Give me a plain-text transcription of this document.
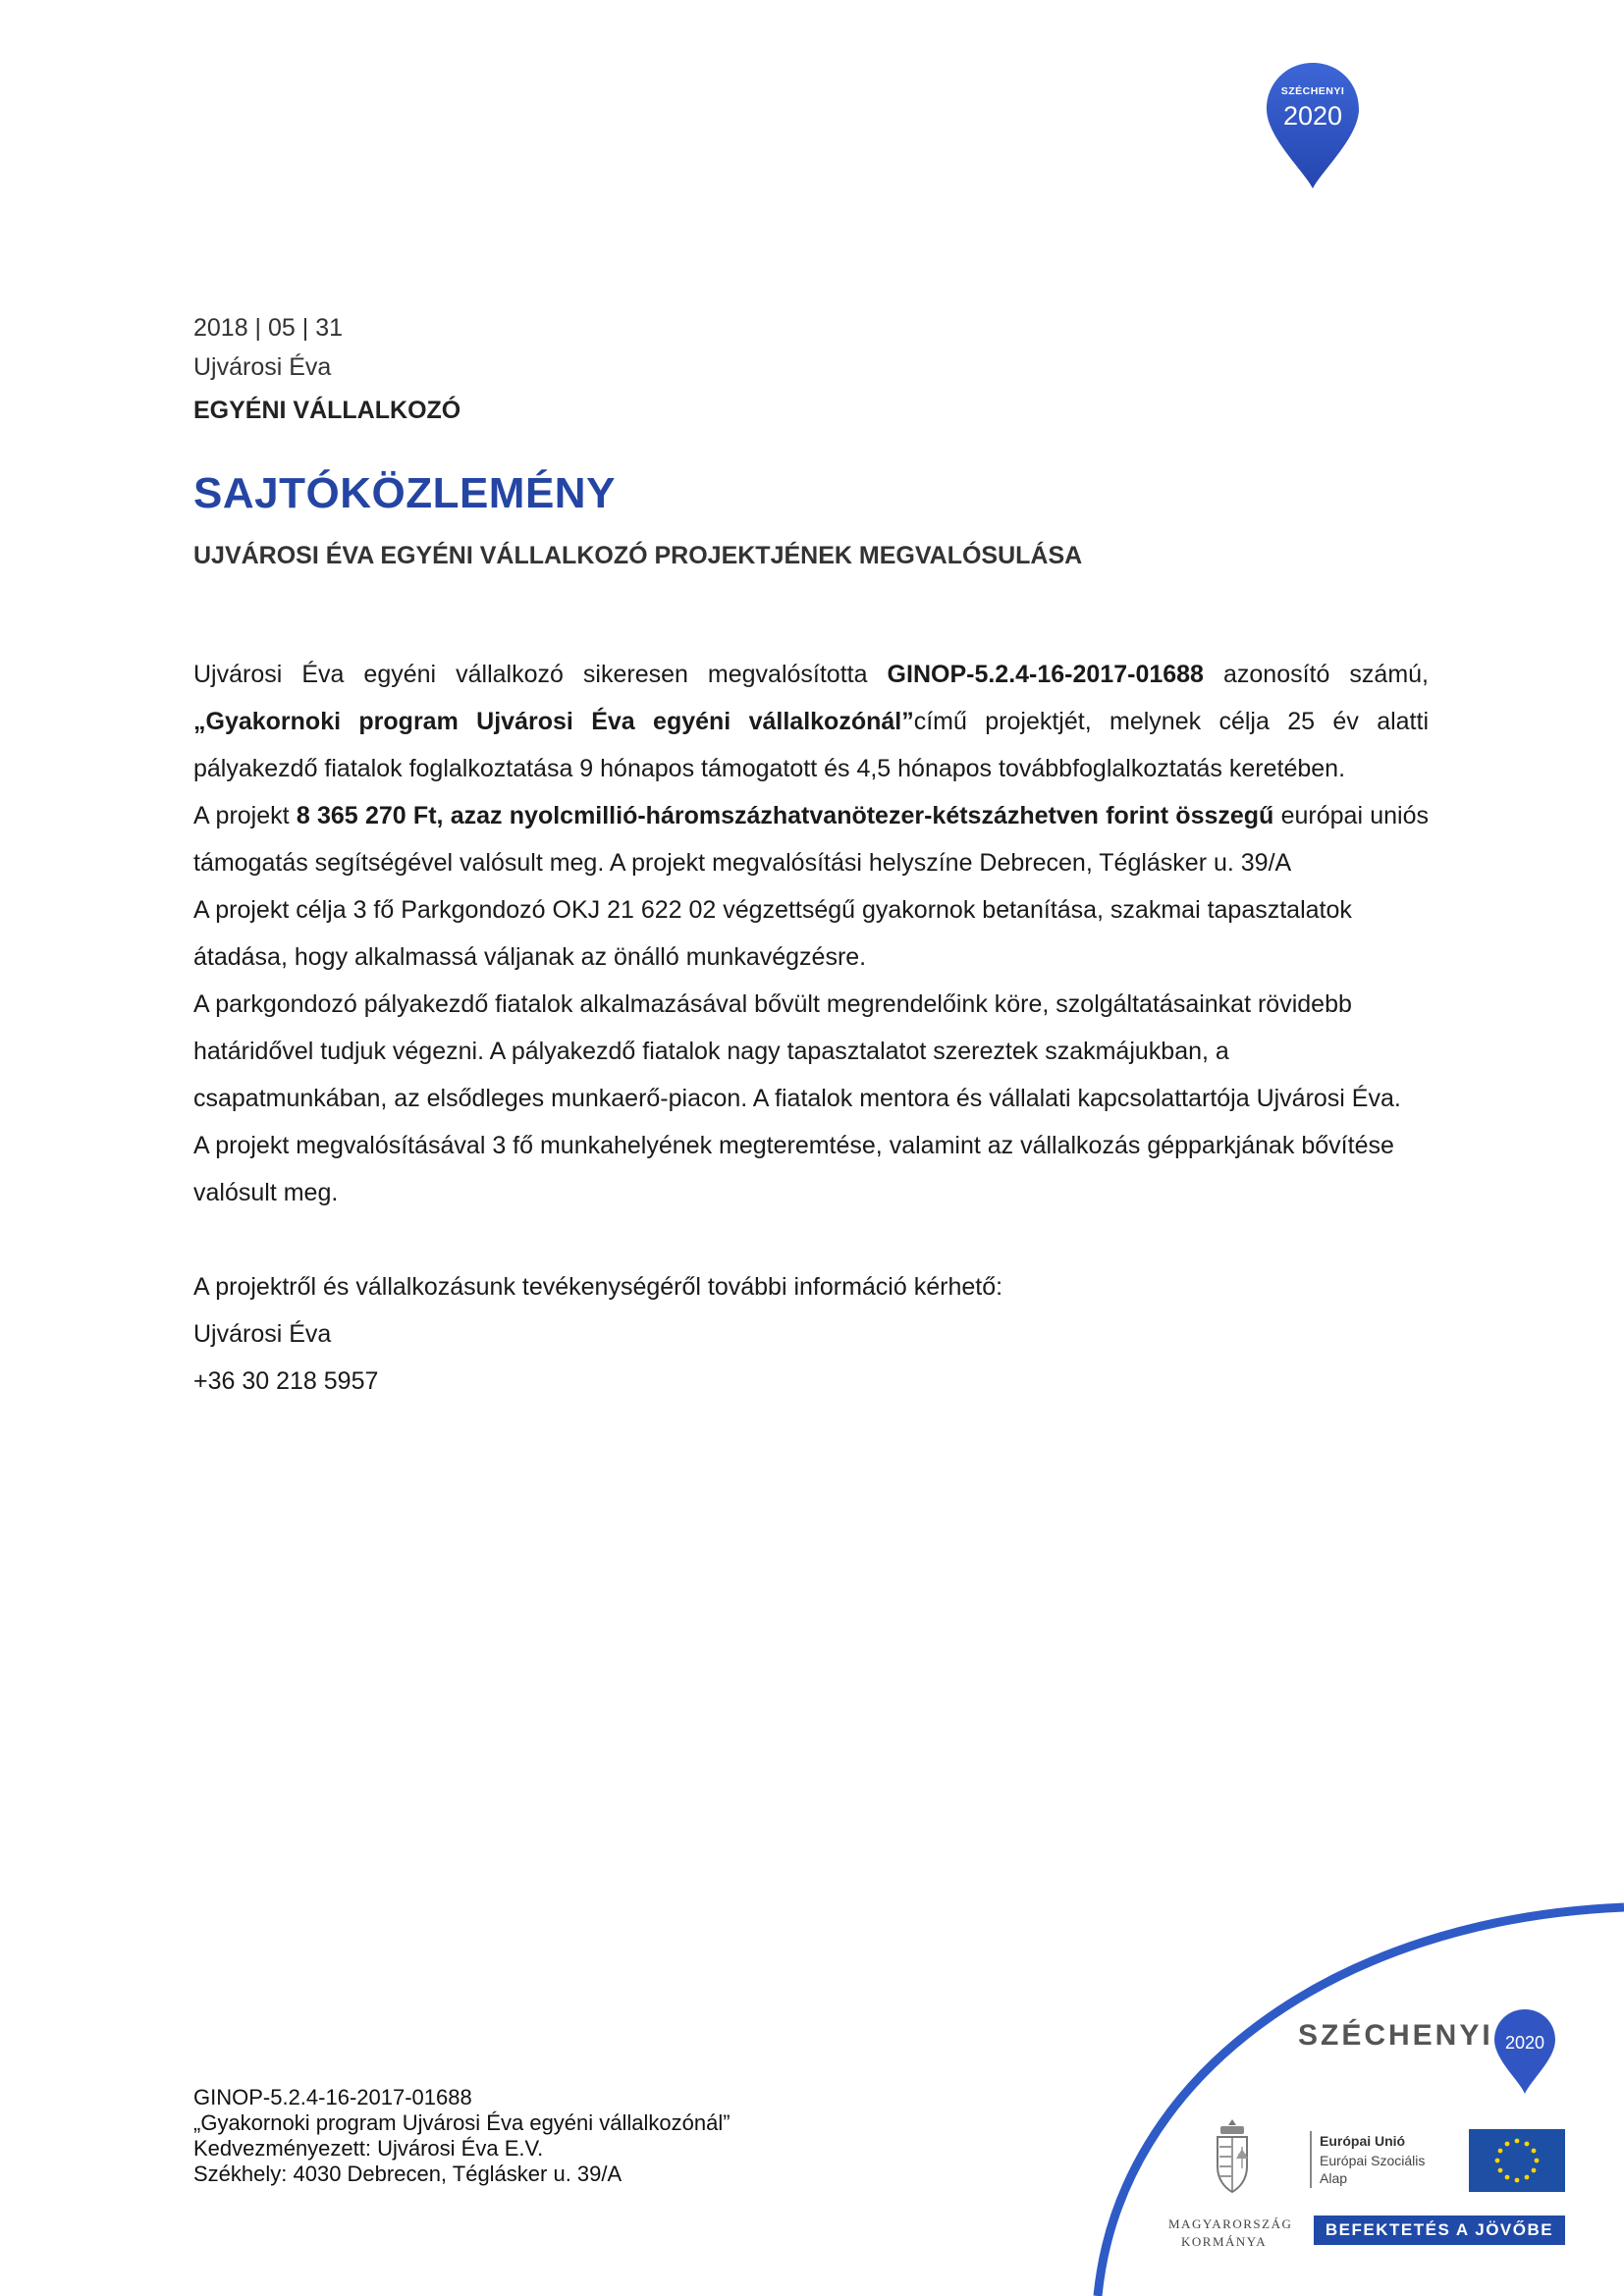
SZÉCHENYI
2020
2018 | 05 | 31
Ujvárosi Éva
EGYÉNI VÁLLALKOZÓ
SAJTÓKÖZLEMÉNY
UJVÁROSI ÉVA EGYÉNI VÁLLALKOZÓ PROJEKTJÉNEK MEGVALÓSULÁSA

Ujvárosi Éva egyéni vállalkozó sikeresen megvalósította GINOP-5.2.4-16-2017-01688 azonosító számú, „Gyakornoki program Ujvárosi Éva egyéni vállalkozónál”című projektjét, melynek célja 25 év alatti pályakezdő fiatalok foglalkoztatása 9 hónapos támogatott és 4,5 hónapos továbbfoglalkoztatás keretében.

A projekt 8 365 270 Ft, azaz nyolcmillió-háromszázhatvanötezer-kétszázhetven forint összegű európai uniós támogatás segítségével valósult meg. A projekt megvalósítási helyszíne Debrecen, Téglásker u. 39/A

A projekt célja 3 fő Parkgondozó OKJ 21 622 02 végzettségű gyakornok betanítása, szakmai tapasztalatok átadása, hogy alkalmassá váljanak az önálló munkavégzésre.

A parkgondozó pályakezdő fiatalok alkalmazásával bővült megrendelőink köre, szolgáltatásainkat rövidebb határidővel tudjuk végezni. A pályakezdő fiatalok nagy tapasztalatot szereztek szakmájukban, a csapatmunkában, az elsődleges munkaerő-piacon. A fiatalok mentora és vállalati kapcsolattartója Ujvárosi Éva.

A projekt megvalósításával 3 fő munkahelyének megteremtése, valamint az vállalkozás gépparkjának bővítése valósult meg.

A projektről és vállalkozásunk tevékenységéről további információ kérhető:

Ujvárosi Éva

+36 30 218 5957

GINOP-5.2.4-16-2017-01688
„Gyakornoki program Ujvárosi Éva egyéni vállalkozónál”
Kedvezményezett: Ujvárosi Éva E.V.
Székhely: 4030 Debrecen, Téglásker u. 39/A
SZÉCHENYI 2020
MAGYARORSZÁG
KORMÁNYA
Európai Unió
Európai Szociális
Alap
BEFEKTETÉS A JÖVŐBE
